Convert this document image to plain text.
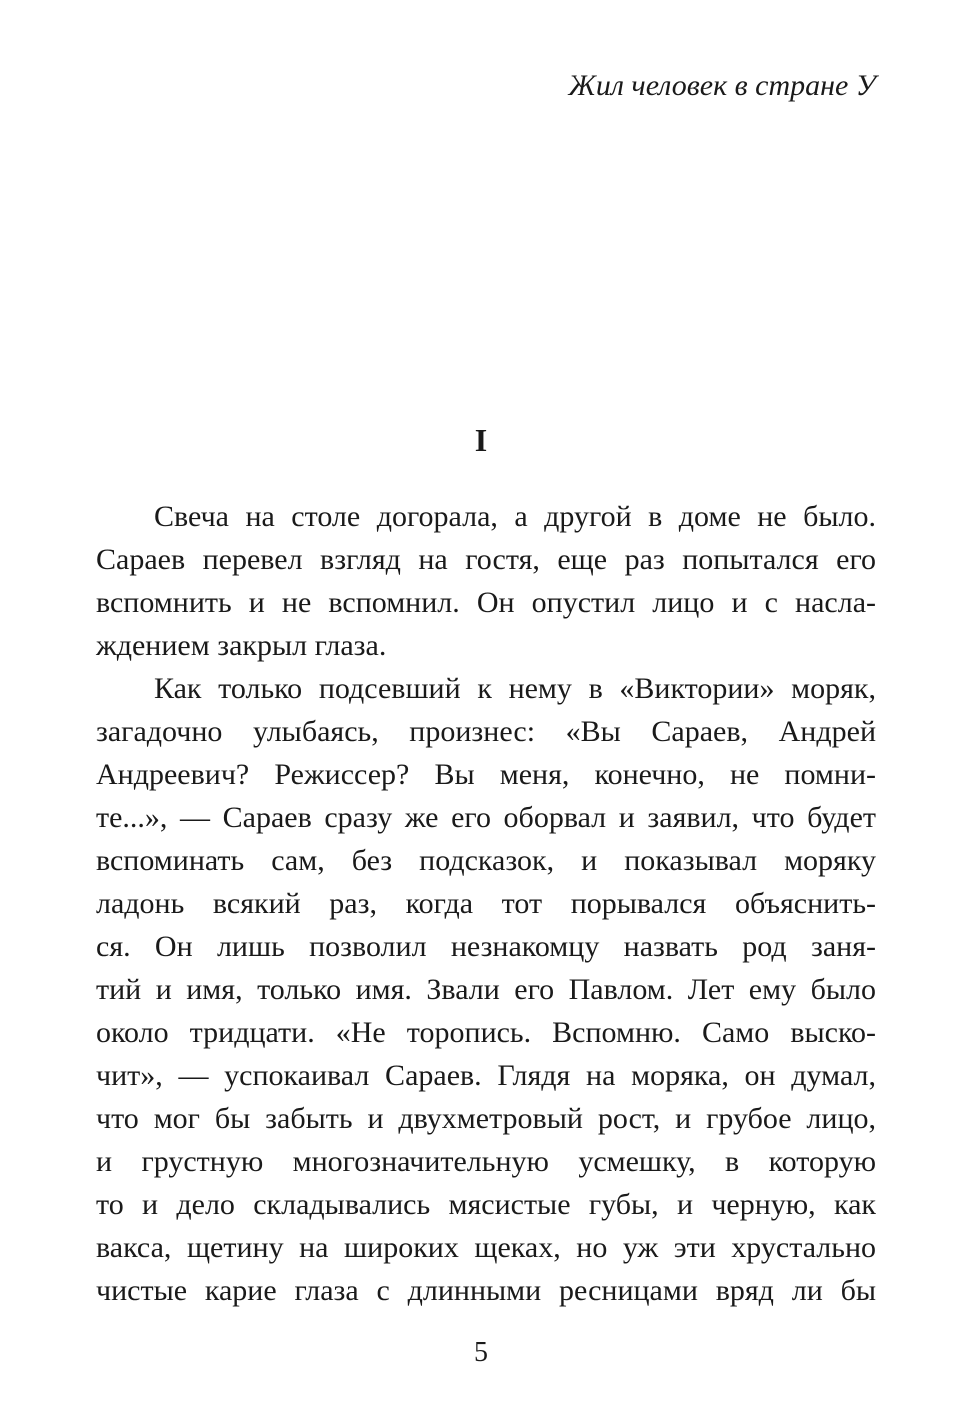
Жил человек в стране У
I
Свеча на столе догорала, а другой в доме не было.
Сараев перевел взгляд на гостя, еще раз попытался его
вспомнить и не вспомнил. Он опустил лицо и с насла-
ждением закрыл глаза.
Как только подсевший к нему в «Виктории» моряк,
загадочно улыбаясь, произнес: «Вы Сараев, Андрей
Андреевич? Режиссер? Вы меня, конечно, не помни-
те...», — Сараев сразу же его оборвал и заявил, что будет
вспоминать сам, без подсказок, и показывал моряку
ладонь всякий раз, когда тот порывался объяснить-
ся. Он лишь позволил незнакомцу назвать род заня-
тий и имя, только имя. Звали его Павлом. Лет ему было
около тридцати. «Не торопись. Вспомню. Само выско-
чит», — успокаивал Сараев. Глядя на моряка, он думал,
что мог бы забыть и двухметровый рост, и грубое лицо,
и грустную многозначительную усмешку, в которую
то и дело складывались мясистые губы, и черную, как
вакса, щетину на широких щеках, но уж эти хрустально
чистые карие глаза с длинными ресницами вряд ли бы
5
